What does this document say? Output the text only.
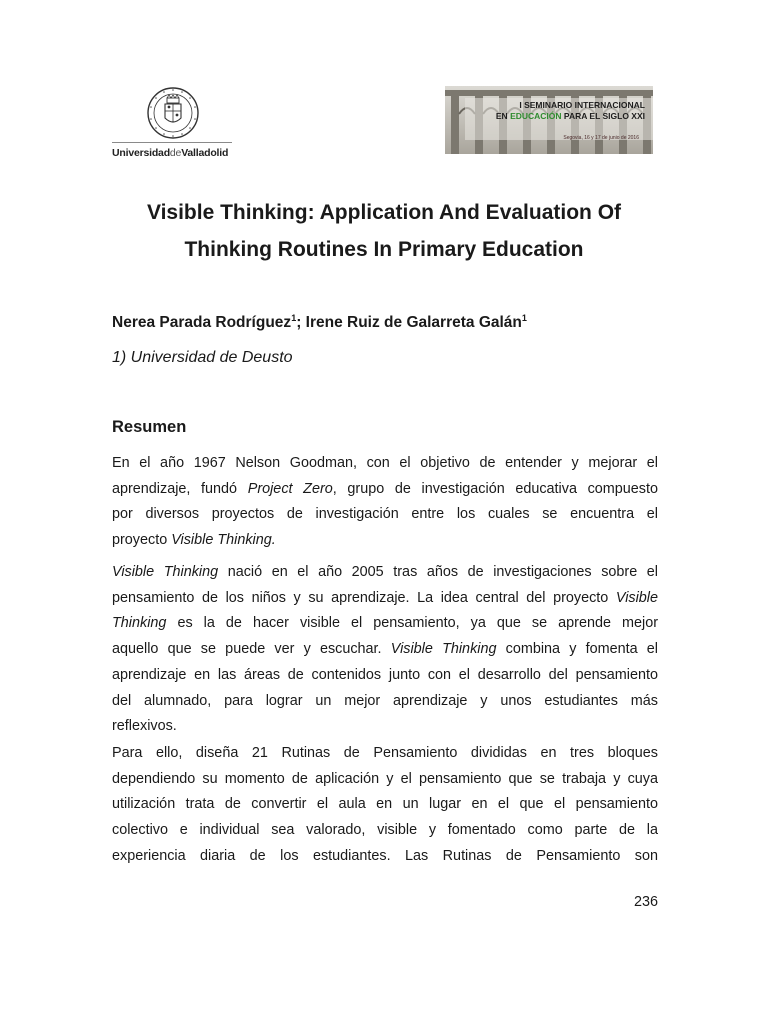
UniversidaddeValladolid
I SEMINARIO INTERNACIONAL
EN EDUCACIÓN PARA EL SIGLO XXI
Segovia, 16 y 17 de junio de 2016
Visible Thinking: Application And Evaluation Of
Thinking Routines In Primary Education

Nerea Parada Rodríguez$^1$; Irene Ruiz de Galarreta Galán$^1$

1) Universidad de Deusto

Resumen

En el año 1967 Nelson Goodman, con el objetivo de entender y mejorar el
aprendizaje, fundó Project Zero, grupo de investigación educativa compuesto
por diversos proyectos de investigación entre los cuales se encuentra el
proyecto Visible Thinking.

Visible Thinking nació en el año 2005 tras años de investigaciones sobre el
pensamiento de los niños y su aprendizaje. La idea central del proyecto Visible
Thinking es la de hacer visible el pensamiento, ya que se aprende mejor
aquello que se puede ver y escuchar. Visible Thinking combina y fomenta el
aprendizaje en las áreas de contenidos junto con el desarrollo del pensamiento
del alumnado, para lograr un mejor aprendizaje y unos estudiantes más
reflexivos.

Para ello, diseña 21 Rutinas de Pensamiento divididas en tres bloques
dependiendo su momento de aplicación y el pensamiento que se trabaja y cuya
utilización trata de convertir el aula en un lugar en el que el pensamiento
colectivo e individual sea valorado, visible y fomentado como parte de la
experiencia diaria de los estudiantes. Las Rutinas de Pensamiento son

236
